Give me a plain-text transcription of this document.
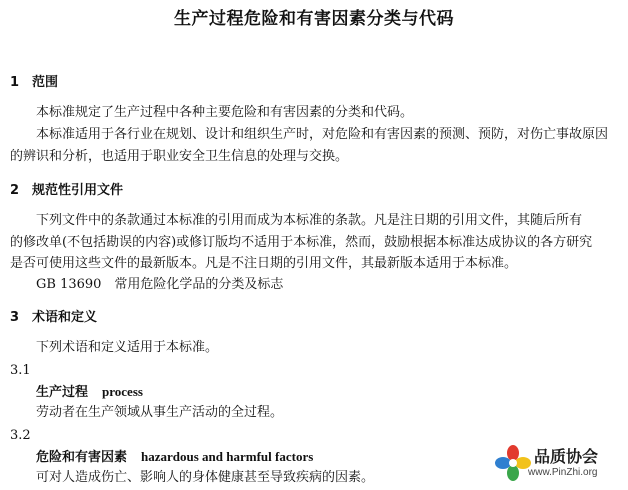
生产过程危险和有害因素分类与代码
1　范围
本标准规定了生产过程中各种主要危险和有害因素的分类和代码。
本标准适用于各行业在规划、设计和组织生产时，对危险和有害因素的预测、预防，对伤亡事故原因
的辨识和分析，也适用于职业安全卫生信息的处理与交换。
2　规范性引用文件
下列文件中的条款通过本标准的引用而成为本标准的条款。凡是注日期的引用文件，其随后所有
的修改单(不包括勘误的内容)或修订版均不适用于本标准，然而，鼓励根据本标准达成协议的各方研究
是否可使用这些文件的最新版本。凡是不注日期的引用文件，其最新版本适用于本标准。
GB 13690　常用危险化学品的分类及标志
3　术语和定义
下列术语和定义适用于本标准。
3.1
生产过程 process
劳动者在生产领域从事生产活动的全过程。
3.2
危险和有害因素 hazardous and harmful factors
可对人造成伤亡、影响人的身体健康甚至导致疾病的因素。
品质协会
www.PinZhi.org
